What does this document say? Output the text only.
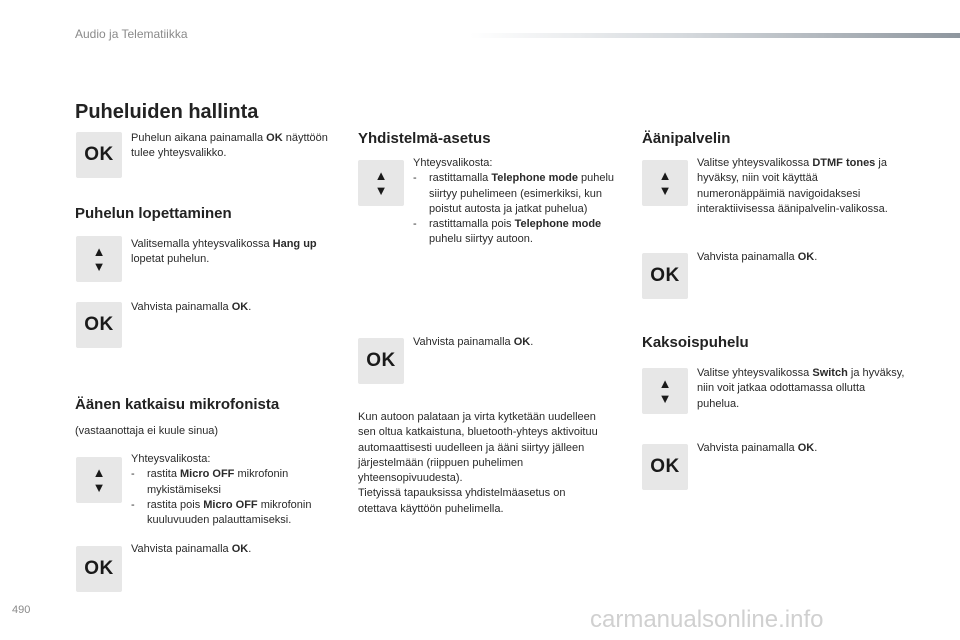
Audio ja Telematiikka
Puheluiden hallinta
OK
Puhelun aikana painamalla OK näyttöön tulee yhteysvalikko.
Puhelun lopettaminen
▲
▼
Valitsemalla yhteysvalikossa Hang up lopetat puhelun.
OK
Vahvista painamalla OK.
Äänen katkaisu mikrofonista
(vastaanottaja ei kuule sinua)
▲
▼
Yhteysvalikosta:
- rastita Micro OFF mikrofonin mykistämiseksi
- rastita pois Micro OFF mikrofonin kuuluvuuden palauttamiseksi.
OK
Vahvista painamalla OK.
Yhdistelmä-asetus
▲
▼
Yhteysvalikosta:
- rastittamalla Telephone mode puhelu siirtyy puhelimeen (esimerkiksi, kun poistut autosta ja jatkat puhelua)
- rastittamalla pois Telephone mode puhelu siirtyy autoon.
OK
Vahvista painamalla OK.
Kun autoon palataan ja virta kytketään uudelleen sen oltua katkaistuna, bluetooth-yhteys aktivoituu automaattisesti uudelleen ja ääni siirtyy jälleen järjestelmään (riippuen puhelimen yhteensopivuudesta).
Tietyissä tapauksissa yhdistelmäasetus on otettava käyttöön puhelimella.
Äänipalvelin
▲
▼
Valitse yhteysvalikossa DTMF tones ja hyväksy, niin voit käyttää numeronäppäimiä navigoidaksesi interaktiivisessa äänipalvelin-valikossa.
OK
Vahvista painamalla OK.
Kaksoispuhelu
▲
▼
Valitse yhteysvalikossa Switch ja hyväksy, niin voit jatkaa odottamassa ollutta puhelua.
OK
Vahvista painamalla OK.
490	carmanualsonline.info
